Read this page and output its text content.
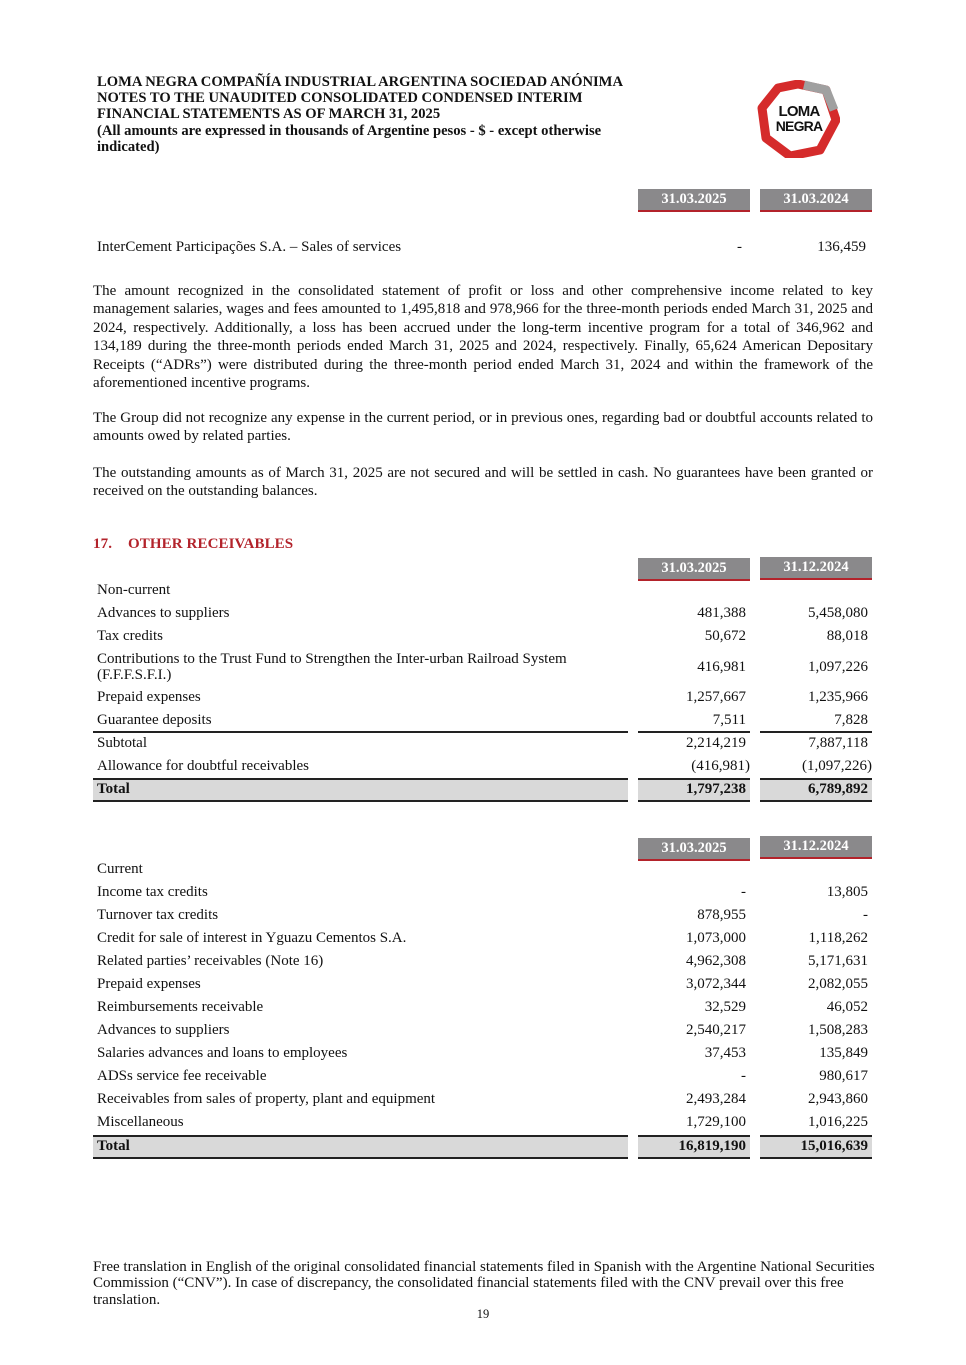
LOMA NEGRA COMPAÑÍA INDUSTRIAL ARGENTINA SOCIEDAD ANÓNIMA
NOTES TO THE UNAUDITED CONSOLIDATED CONDENSED INTERIM
FINANCIAL STATEMENTS AS OF MARCH 31, 2025
(All amounts are expressed in thousands of Argentine pesos - $ - except otherwise
indicated)
LOMA
NEGRA
31.03.2025	31.03.2024
InterCement Participações S.A. – Sales of services	-	136,459
The amount recognized in the consolidated statement of profit or loss and other comprehensive income related to key management salaries, wages and fees amounted to 1,495,818 and 978,966 for the three-month periods ended March 31, 2025 and 2024, respectively. Additionally, a loss has been accrued under the long-term incentive program for a total of 346,962 and 134,189 during the three-month periods ended March 31, 2025 and 2024, respectively. Finally, 65,624 American Depositary Receipts (“ADRs”) were distributed during the three-month period ended March 31, 2024 and within the framework of the aforementioned incentive programs.
The Group did not recognize any expense in the current period, or in previous ones, regarding bad or doubtful accounts related to amounts owed by related parties.
The outstanding amounts as of March 31, 2025 are not secured and will be settled in cash. No guarantees have been granted or received on the outstanding balances.
17. OTHER RECEIVABLES
31.03.2025	31.12.2024
Non-current
Advances to suppliers	481,388	5,458,080
Tax credits	50,672	88,018
Contributions to the Trust Fund to Strengthen the Inter-urban Railroad System
(F.F.F.S.F.I.)	416,981	1,097,226
Prepaid expenses	1,257,667	1,235,966
Guarantee deposits	7,511	7,828
Subtotal	2,214,219	7,887,118
Allowance for doubtful receivables	(416,981)	(1,097,226)
Total	1,797,238	6,789,892
31.03.2025	31.12.2024
Current
Income tax credits	-	13,805
Turnover tax credits	878,955	-
Credit for sale of interest in Yguazu Cementos S.A.	1,073,000	1,118,262
Related parties’ receivables (Note 16)	4,962,308	5,171,631
Prepaid expenses	3,072,344	2,082,055
Reimbursements receivable	32,529	46,052
Advances to suppliers	2,540,217	1,508,283
Salaries advances and loans to employees	37,453	135,849
ADSs service fee receivable	-	980,617
Receivables from sales of property, plant and equipment	2,493,284	2,943,860
Miscellaneous	1,729,100	1,016,225
Total	16,819,190	15,016,639
Free translation in English of the original consolidated financial statements filed in Spanish with the Argentine National Securities Commission (“CNV”). In case of discrepancy, the consolidated financial statements filed with the CNV prevail over this free translation.
19
